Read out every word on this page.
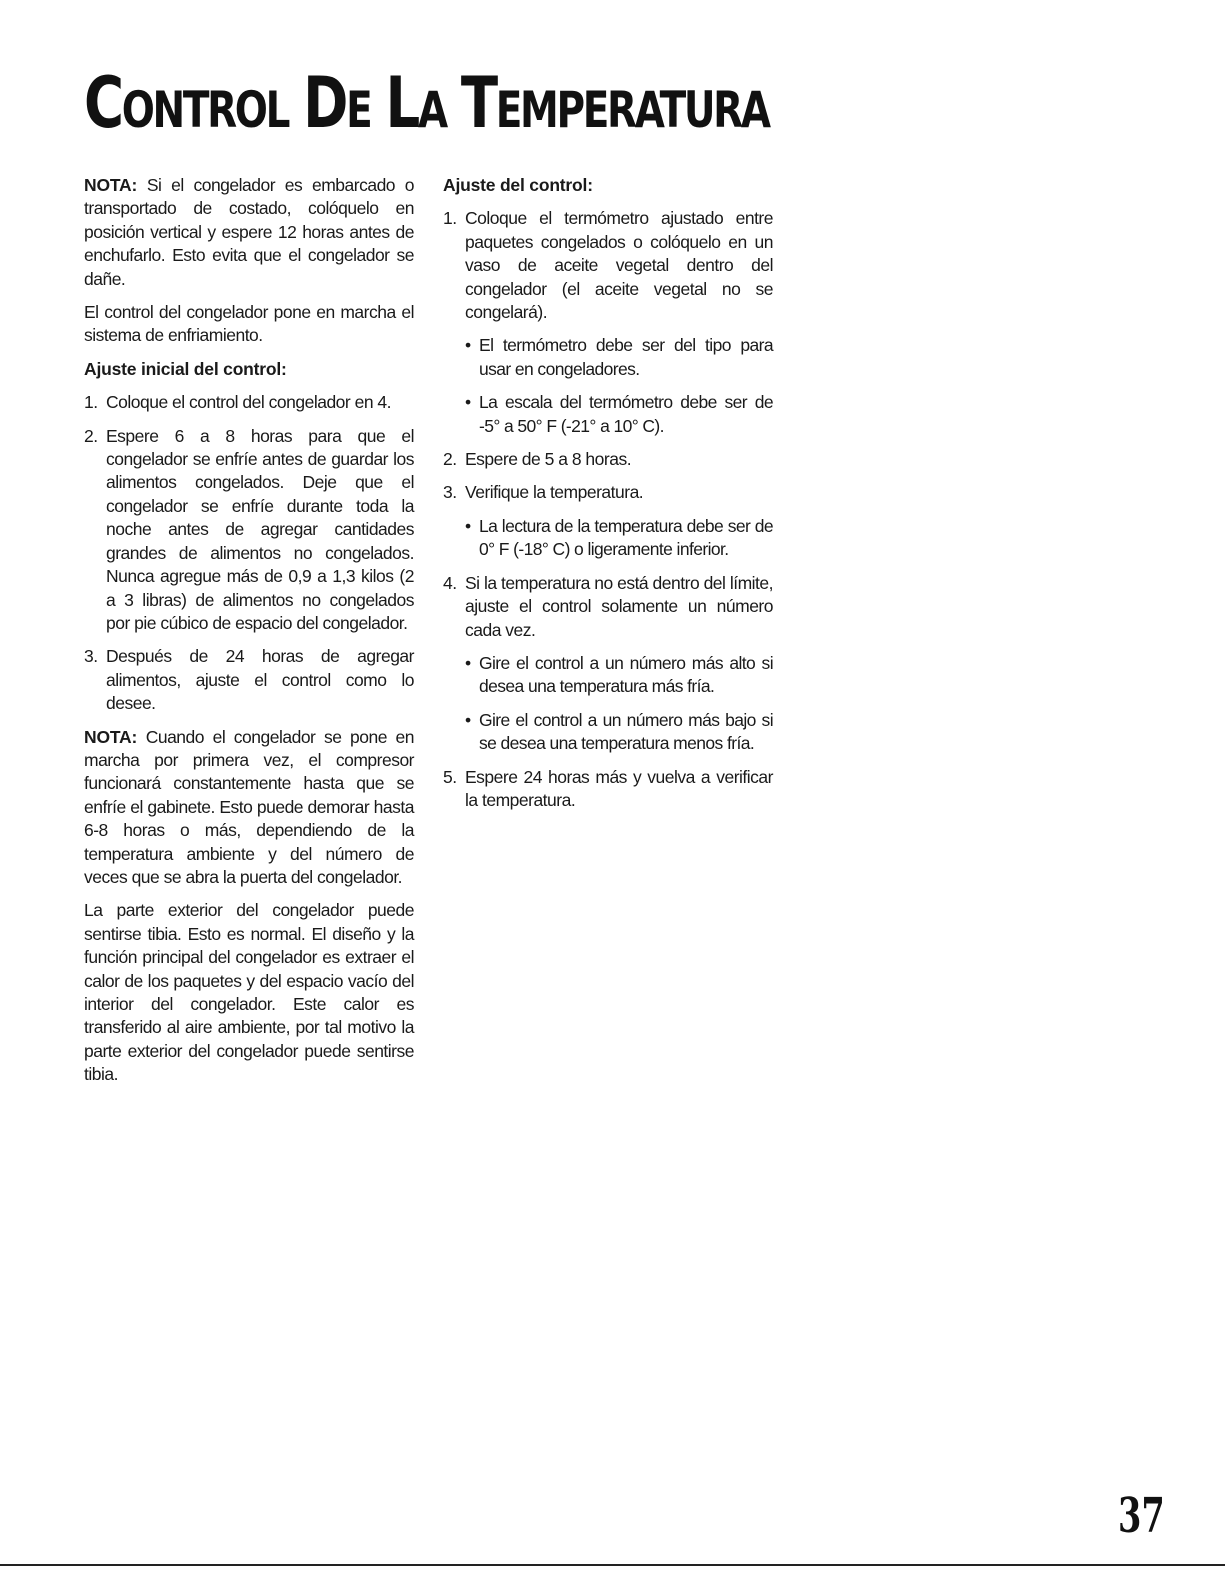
CONTROL DE LA TEMPERATURA

NOTA: Si el congelador es embarcado o transportado de costado, colóquelo en posición vertical y espere 12 horas antes de enchufarlo. Esto evita que el congelador se dañe.

El control del congelador pone en marcha el sistema de enfriamiento.

Ajuste inicial del control:
1. Coloque el control del congelador en 4.
2. Espere 6 a 8 horas para que el congelador se enfríe antes de guardar los alimentos congelados. Deje que el congelador se enfríe durante toda la noche antes de agregar cantidades grandes de alimentos no congelados. Nunca agregue más de 0,9 a 1,3 kilos (2 a 3 libras) de alimentos no congelados por pie cúbico de espacio del congelador.
3. Después de 24 horas de agregar alimentos, ajuste el control como lo desee.

NOTA: Cuando el congelador se pone en marcha por primera vez, el compresor funcionará constantemente hasta que se enfríe el gabinete. Esto puede demorar hasta 6-8 horas o más, dependiendo de la temperatura ambiente y del número de veces que se abra la puerta del congelador.

La parte exterior del congelador puede sentirse tibia. Esto es normal. El diseño y la función principal del congelador es extraer el calor de los paquetes y del espacio vacío del interior del congelador. Este calor es transferido al aire ambiente, por tal motivo la parte exterior del congelador puede sentirse tibia.

Ajuste del control:
1. Coloque el termómetro ajustado entre paquetes congelados o colóquelo en un vaso de aceite vegetal dentro del congelador (el aceite vegetal no se congelará).
• El termómetro debe ser del tipo para usar en congeladores.
• La escala del termómetro debe ser de -5° a 50° F (-21° a 10° C).
2. Espere de 5 a 8 horas.
3. Verifique la temperatura.
• La lectura de la temperatura debe ser de 0° F (-18° C) o ligeramente inferior.
4. Si la temperatura no está dentro del límite, ajuste el control solamente un número cada vez.
• Gire el control a un número más alto si desea una temperatura más fría.
• Gire el control a un número más bajo si se desea una temperatura menos fría.
5. Espere 24 horas más y vuelva a verificar la temperatura.
37
